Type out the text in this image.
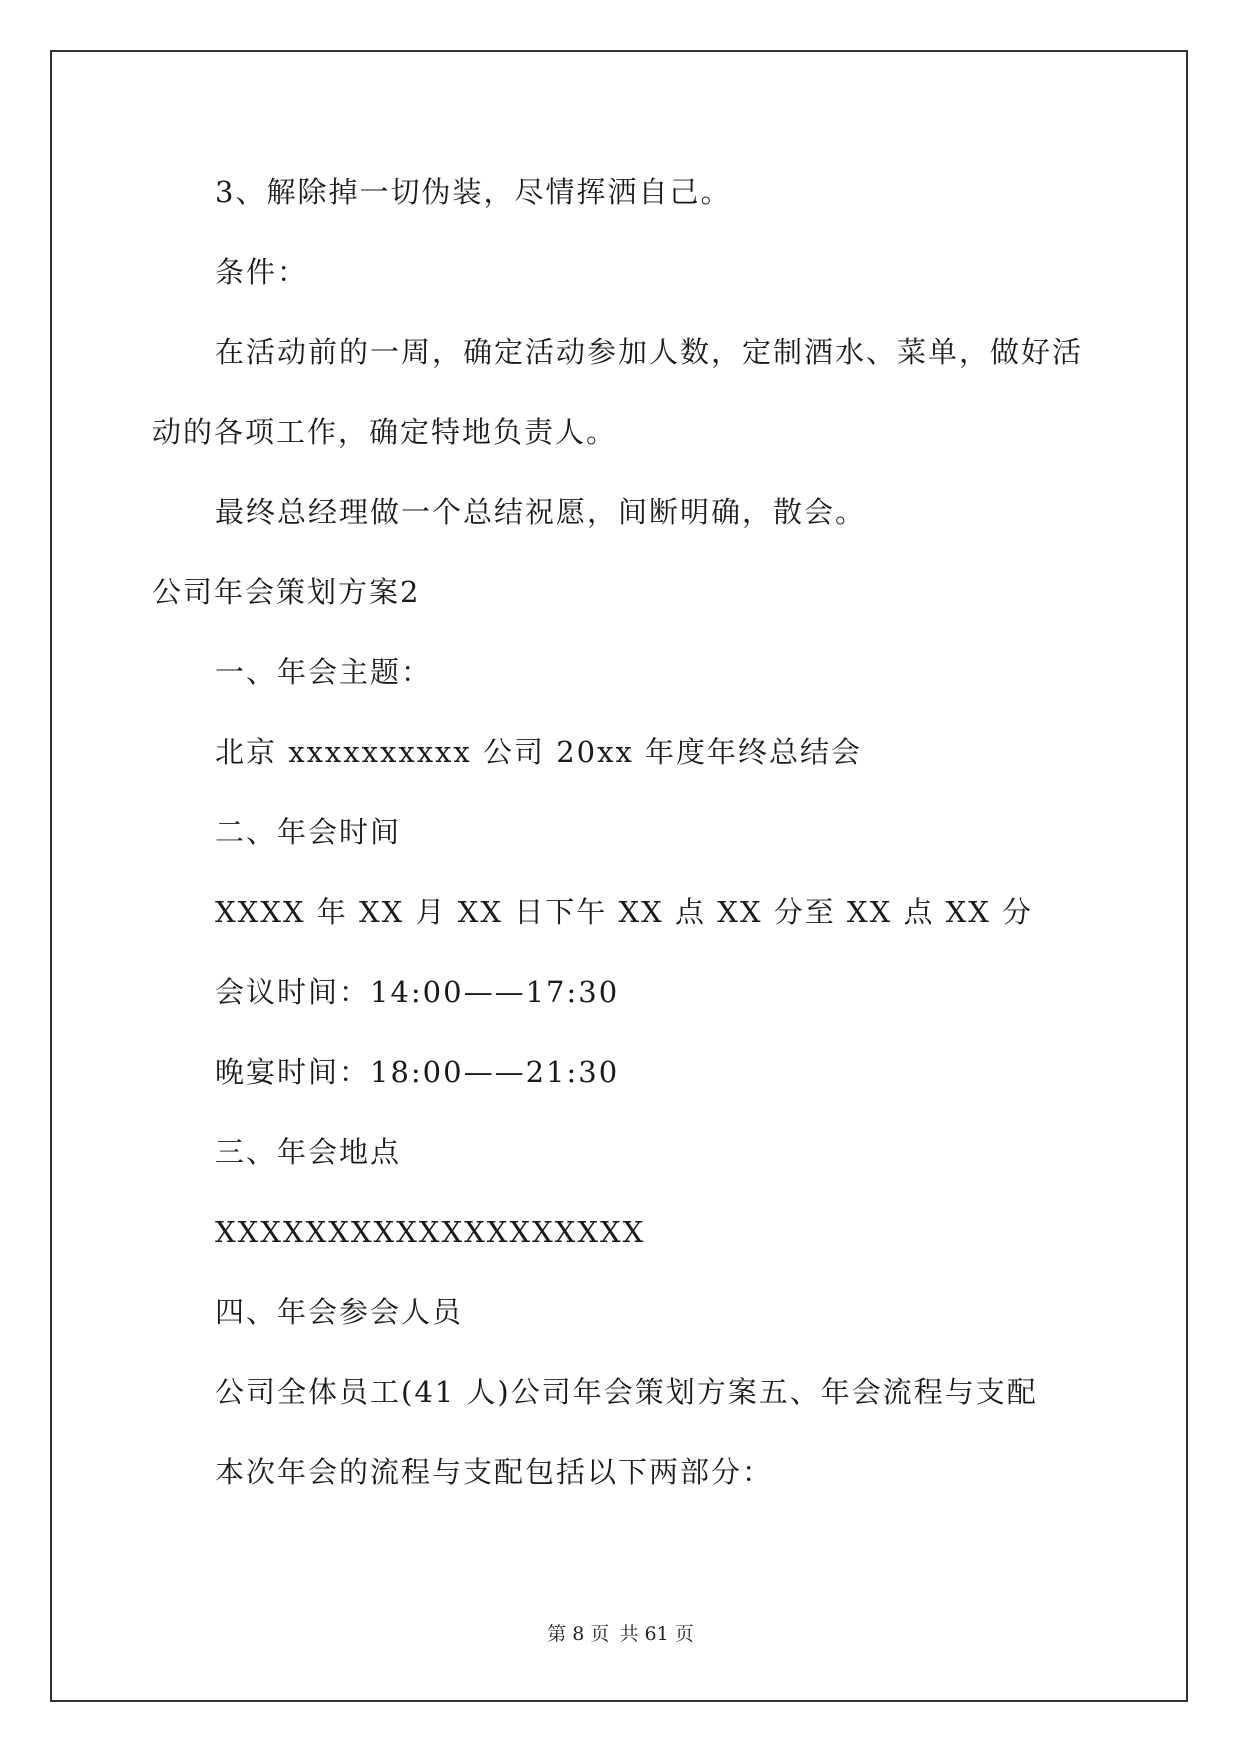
3、解除掉一切伪装，尽情挥洒自己。
条件：
在活动前的一周，确定活动参加人数，定制酒水、菜单，做好活
动的各项工作，确定特地负责人。
最终总经理做一个总结祝愿，间断明确，散会。
公司年会策划方案2
一、年会主题：
北京 xxxxxxxxxx 公司 20xx 年度年终总结会
二、年会时间
XXXX 年 XX 月 XX 日下午 XX 点 XX 分至 XX 点 XX 分
会议时间：14:00——17:30
晚宴时间：18:00——21:30
三、年会地点
XXXXXXXXXXXXXXXXXXX
四、年会参会人员
公司全体员工(41 人)公司年会策划方案五、年会流程与支配
本次年会的流程与支配包括以下两部分：
第 8 页 共 61 页
